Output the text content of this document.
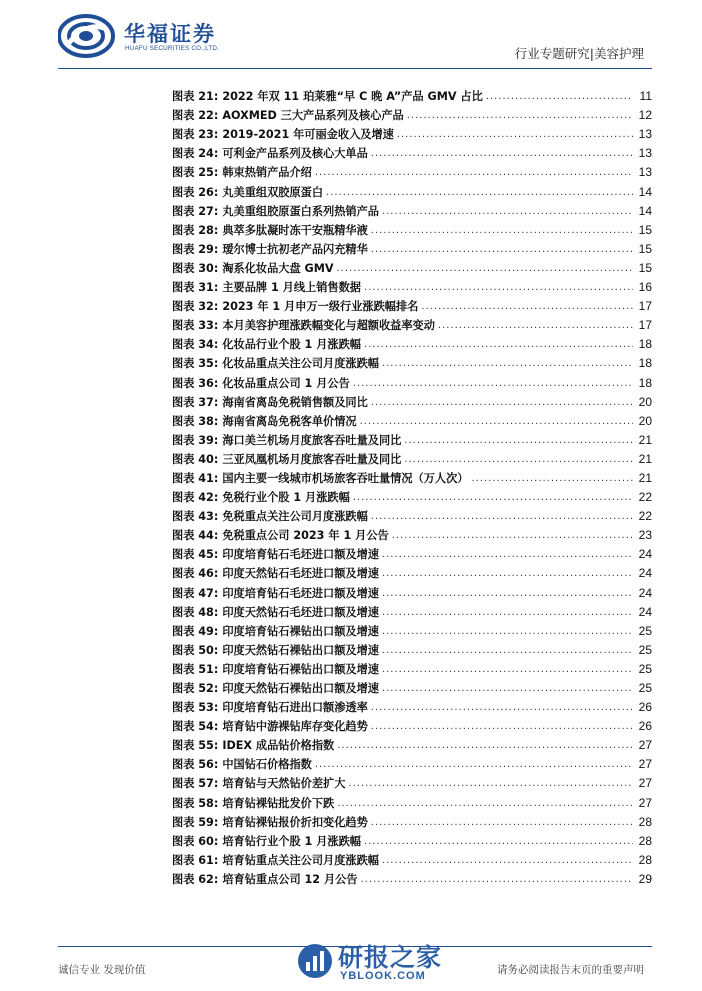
华福证券
HUAFU SECURITIES CO.,LTD.	行业专题研究|美容护理
图表 21: 2022 年双 11 珀莱雅“早 C 晚 A”产品 GMV 占比 .....	11
图表 22: AOXMED 三大产品系列及核心产品 .....	12
图表 23: 2019-2021 年可丽金收入及增速 .....	13
图表 24: 可利金产品系列及核心大单品 .....	13
图表 25: 韩束热销产品介绍 .....	13
图表 26: 丸美重组双胶原蛋白 .....	14
图表 27: 丸美重组胶原蛋白系列热销产品 .....	14
图表 28: 典萃多肽凝时冻干安瓶精华液 .....	15
图表 29: 瑷尔博士抗初老产品闪充精华 .....	15
图表 30: 淘系化妆品大盘 GMV .....	15
图表 31: 主要品牌 1 月线上销售数据 .....	16
图表 32: 2023 年 1 月申万一级行业涨跌幅排名 .....	17
图表 33: 本月美容护理涨跌幅变化与超额收益率变动 .....	17
图表 34: 化妆品行业个股 1 月涨跌幅 .....	18
图表 35: 化妆品重点关注公司月度涨跌幅 .....	18
图表 36: 化妆品重点公司 1 月公告 .....	18
图表 37: 海南省离岛免税销售额及同比 .....	20
图表 38: 海南省离岛免税客单价情况 .....	20
图表 39: 海口美兰机场月度旅客吞吐量及同比 .....	21
图表 40: 三亚凤凰机场月度旅客吞吐量及同比 .....	21
图表 41: 国内主要一线城市机场旅客吞吐量情况（万人次） .....	21
图表 42: 免税行业个股 1 月涨跌幅 .....	22
图表 43: 免税重点关注公司月度涨跌幅 .....	22
图表 44: 免税重点公司 2023 年 1 月公告 .....	23
图表 45: 印度培育钻石毛坯进口额及增速 .....	24
图表 46: 印度天然钻石毛坯进口额及增速 .....	24
图表 47: 印度培育钻石毛坯进口额及增速 .....	24
图表 48: 印度天然钻石毛坯进口额及增速 .....	24
图表 49: 印度培育钻石裸钻出口额及增速 .....	25
图表 50: 印度天然钻石裸钻出口额及增速 .....	25
图表 51: 印度培育钻石裸钻出口额及增速 .....	25
图表 52: 印度天然钻石裸钻出口额及增速 .....	25
图表 53: 印度培育钻石进出口额渗透率 .....	26
图表 54: 培育钻中游裸钻库存变化趋势 .....	26
图表 55: IDEX 成品钻价格指数 .....	27
图表 56: 中国钻石价格指数 .....	27
图表 57: 培育钻与天然钻价差扩大 .....	27
图表 58: 培育钻裸钻批发价下跌 .....	27
图表 59: 培育钻裸钻报价折扣变化趋势 .....	28
图表 60: 培育钻行业个股 1 月涨跌幅 .....	28
图表 61: 培育钻重点关注公司月度涨跌幅 .....	28
图表 62: 培育钻重点公司 12 月公告 .....	29
诚信专业 发现价值	请务必阅读报告末页的重要声明
研报之家
YBLOOK.COM
